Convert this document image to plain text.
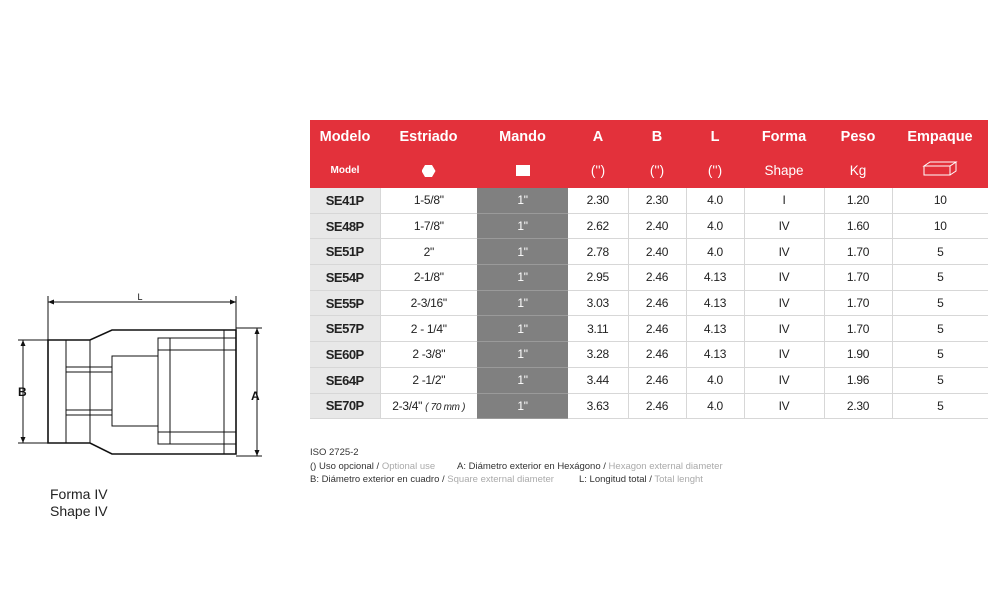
L
B	A
Forma IV
Shape IV
Modelo	Estriado	Mando	A	B	L	Forma	Peso	Empaque
Model			('')	('')	('')	Shape	Kg	
SE41P	1-5/8"	1"	2.30	2.30	4.0	I	1.20	10
SE48P	1-7/8"	1"	2.62	2.40	4.0	IV	1.60	10
SE51P	2"	1"	2.78	2.40	4.0	IV	1.70	5
SE54P	2-1/8"	1"	2.95	2.46	4.13	IV	1.70	5
SE55P	2-3/16"	1"	3.03	2.46	4.13	IV	1.70	5
SE57P	2 - 1/4"	1"	3.11	2.46	4.13	IV	1.70	5
SE60P	2 -3/8"	1"	3.28	2.46	4.13	IV	1.90	5
SE64P	2 -1/2"	1"	3.44	2.46	4.0	IV	1.96	5
SE70P	2-3/4" ( 70 mm )	1"	3.63	2.46	4.0	IV	2.30	5
ISO 2725-2
() Uso opcional / Optional use	A: Diámetro exterior en Hexágono / Hexagon external diameter
B: Diámetro exterior en cuadro / Square external diameter	L: Longitud total / Total lenght
